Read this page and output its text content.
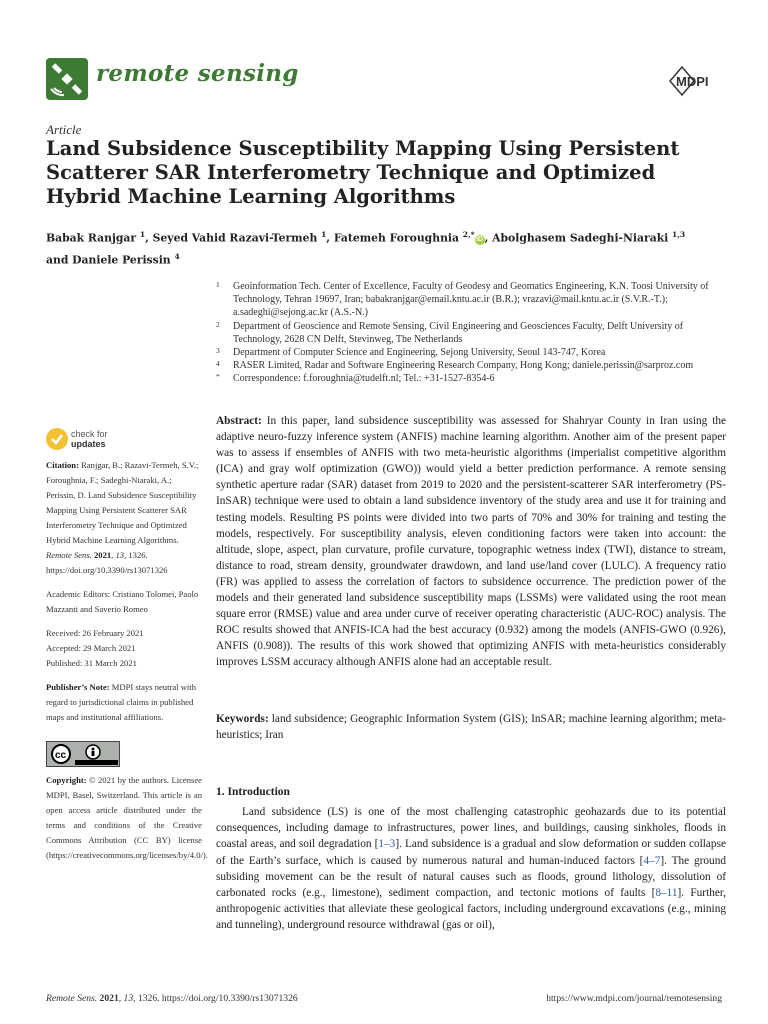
remote sensing	MDPI
Article
Land Subsidence Susceptibility Mapping Using Persistent Scatterer SAR Interferometry Technique and Optimized Hybrid Machine Learning Algorithms
Babak Ranjgar $^1$, Seyed Vahid Razavi-Termeh $^1$, Fatemeh Foroughnia $^{2,*}$iD , Abolghasem Sadeghi-Niaraki $^{1,3}$
and Daniele Perissin $^4$
1 Geoinformation Tech. Center of Excellence, Faculty of Geodesy and Geomatics Engineering, K.N. Toosi University of Technology, Tehran 19697, Iran; babakranjgar@email.kntu.ac.ir (B.R.); vrazavi@mail.kntu.ac.ir (S.V.R.-T.); a.sadeghi@sejong.ac.kr (A.S.-N.)
2 Department of Geoscience and Remote Sensing, Civil Engineering and Geosciences Faculty, Delft University of Technology, 2628 CN Delft, Stevinweg, The Netherlands
3 Department of Computer Science and Engineering, Sejong University, Seoul 143-747, Korea
4 RASER Limited, Radar and Software Engineering Research Company, Hong Kong; daniele.perissin@sarproz.com
* Correspondence: f.foroughnia@tudelft.nl; Tel.: +31-1527-8354-6
check for
updates
Citation: Ranjgar, B.; Razavi-Termeh, S.V.; Foroughnia, F.; Sadeghi-Niaraki, A.; Perissin, D. Land Subsidence Susceptibility Mapping Using Persistent Scatterer SAR Interferometry Technique and Optimized Hybrid Machine Learning Algorithms. Remote Sens. 2021, 13, 1326. https://doi.org/10.3390/rs13071326
Academic Editors: Cristiano Tolomei, Paolo Mazzanti and Saverio Romeo
Received: 26 February 2021
Accepted: 29 March 2021
Published: 31 March 2021
Publisher’s Note: MDPI stays neutral with regard to jurisdictional claims in published maps and institutional affiliations.
cc
Copyright: © 2021 by the authors. Licensee MDPI, Basel, Switzerland. This article is an open access article distributed under the terms and conditions of the Creative Commons Attribution (CC BY) license (https://creativecommons.org/licenses/by/4.0/).
Abstract: In this paper, land subsidence susceptibility was assessed for Shahryar County in Iran using the adaptive neuro-fuzzy inference system (ANFIS) machine learning algorithm. Another aim of the present paper was to assess if ensembles of ANFIS with two meta-heuristic algorithms (imperialist competitive algorithm (ICA) and gray wolf optimization (GWO)) would yield a better prediction performance. A remote sensing synthetic aperture radar (SAR) dataset from 2019 to 2020 and the persistent-scatterer SAR interferometry (PS-InSAR) technique were used to obtain a land subsidence inventory of the study area and use it for training and testing models. Resulting PS points were divided into two parts of 70% and 30% for training and testing the models, respectively. For susceptibility analysis, eleven conditioning factors were taken into account: the altitude, slope, aspect, plan curvature, profile curvature, topographic wetness index (TWI), distance to stream, distance to road, stream density, groundwater drawdown, and land use/land cover (LULC). A frequency ratio (FR) was applied to assess the correlation of factors to subsidence occurrence. The prediction power of the models and their generated land subsidence susceptibility maps (LSSMs) were validated using the root mean square error (RMSE) value and area under curve of receiver operating characteristic (AUC-ROC) analysis. The ROC results showed that ANFIS-ICA had the best accuracy (0.932) among the models (ANFIS-GWO (0.926), ANFIS (0.908)). The results of this work showed that optimizing ANFIS with meta-heuristics considerably improves LSSM accuracy although ANFIS alone had an acceptable result.
Keywords: land subsidence; Geographic Information System (GIS); InSAR; machine learning algorithm; meta-heuristics; Iran
1. Introduction
Land subsidence (LS) is one of the most challenging catastrophic geohazards due to its potential consequences, including damage to infrastructures, power lines, and buildings, causing sinkholes, floods in coastal areas, and soil degradation [1–3]. Land subsidence is a gradual and slow deformation or sudden collapse of the Earth’s surface, which is caused by numerous natural and human-induced factors [4–7]. The ground subsiding movement can be the result of natural causes such as floods, ground lithology, dissolution of carbonated rocks (e.g., limestone), sediment compaction, and tectonic motions of faults [8–11]. Further, anthropogenic activities that alleviate these geological factors, including underground excavations (e.g., mining and tunneling), underground resource withdrawal (gas or oil),
Remote Sens. 2021, 13, 1326. https://doi.org/10.3390/rs13071326	https://www.mdpi.com/journal/remotesensing
